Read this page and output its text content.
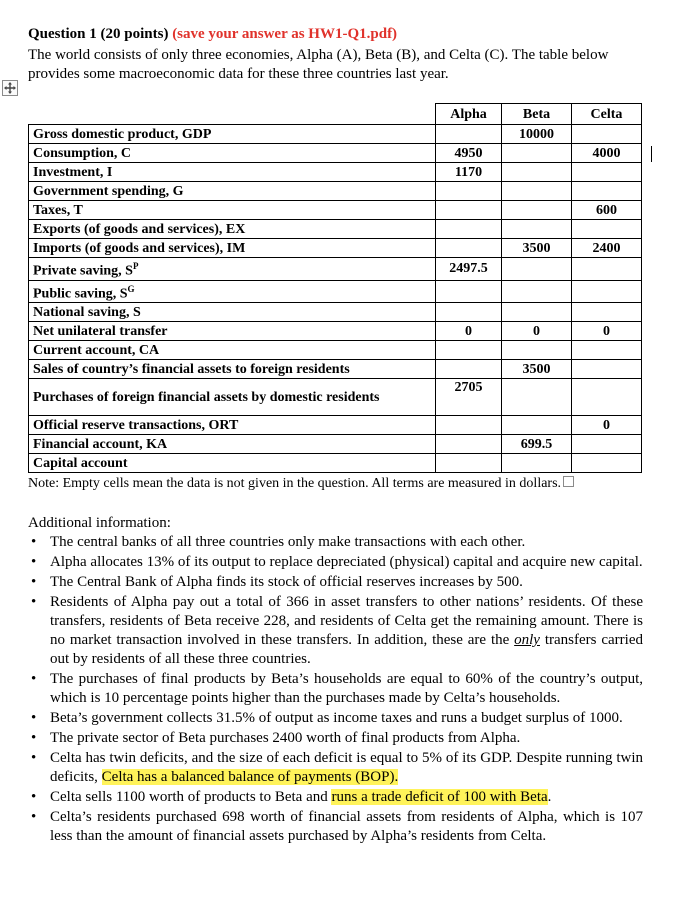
Question 1 (20 points) (save your answer as HW1-Q1.pdf)
The world consists of only three economies, Alpha (A), Beta (B), and Celta (C). The table below provides some macroeconomic data for these three countries last year.
	Alpha	Beta	Celta
Gross domestic product, GDP		10000	
Consumption, C	4950		4000
Investment, I	1170		
Government spending, G			
Taxes, T			600
Exports (of goods and services), EX			
Imports (of goods and services), IM		3500	2400
Private saving, $S^P$	2497.5		
Public saving, $S^G$			
National saving, S			
Net unilateral transfer	0	0	0
Current account, CA			
Sales of country’s financial assets to foreign residents		3500	
Purchases of foreign financial assets by domestic residents	2705		
Official reserve transactions, ORT			0
Financial account, KA		699.5	
Capital account			
Note: Empty cells mean the data is not given in the question. All terms are measured in dollars.
Additional information:
• The central banks of all three countries only make transactions with each other.
• Alpha allocates 13% of its output to replace depreciated (physical) capital and acquire new capital.
• The Central Bank of Alpha finds its stock of official reserves increases by 500.
• Residents of Alpha pay out a total of 366 in asset transfers to other nations’ residents. Of these transfers, residents of Beta receive 228, and residents of Celta get the remaining amount. There is no market transaction involved in these transfers. In addition, these are the only transfers carried out by residents of all these three countries.
• The purchases of final products by Beta’s households are equal to 60% of the country’s output, which is 10 percentage points higher than the purchases made by Celta’s households.
• Beta’s government collects 31.5% of output as income taxes and runs a budget surplus of 1000.
• The private sector of Beta purchases 2400 worth of final products from Alpha.
• Celta has twin deficits, and the size of each deficit is equal to 5% of its GDP. Despite running twin deficits, Celta has a balanced balance of payments (BOP).
• Celta sells 1100 worth of products to Beta and runs a trade deficit of 100 with Beta.
• Celta’s residents purchased 698 worth of financial assets from residents of Alpha, which is 107 less than the amount of financial assets purchased by Alpha’s residents from Celta.
